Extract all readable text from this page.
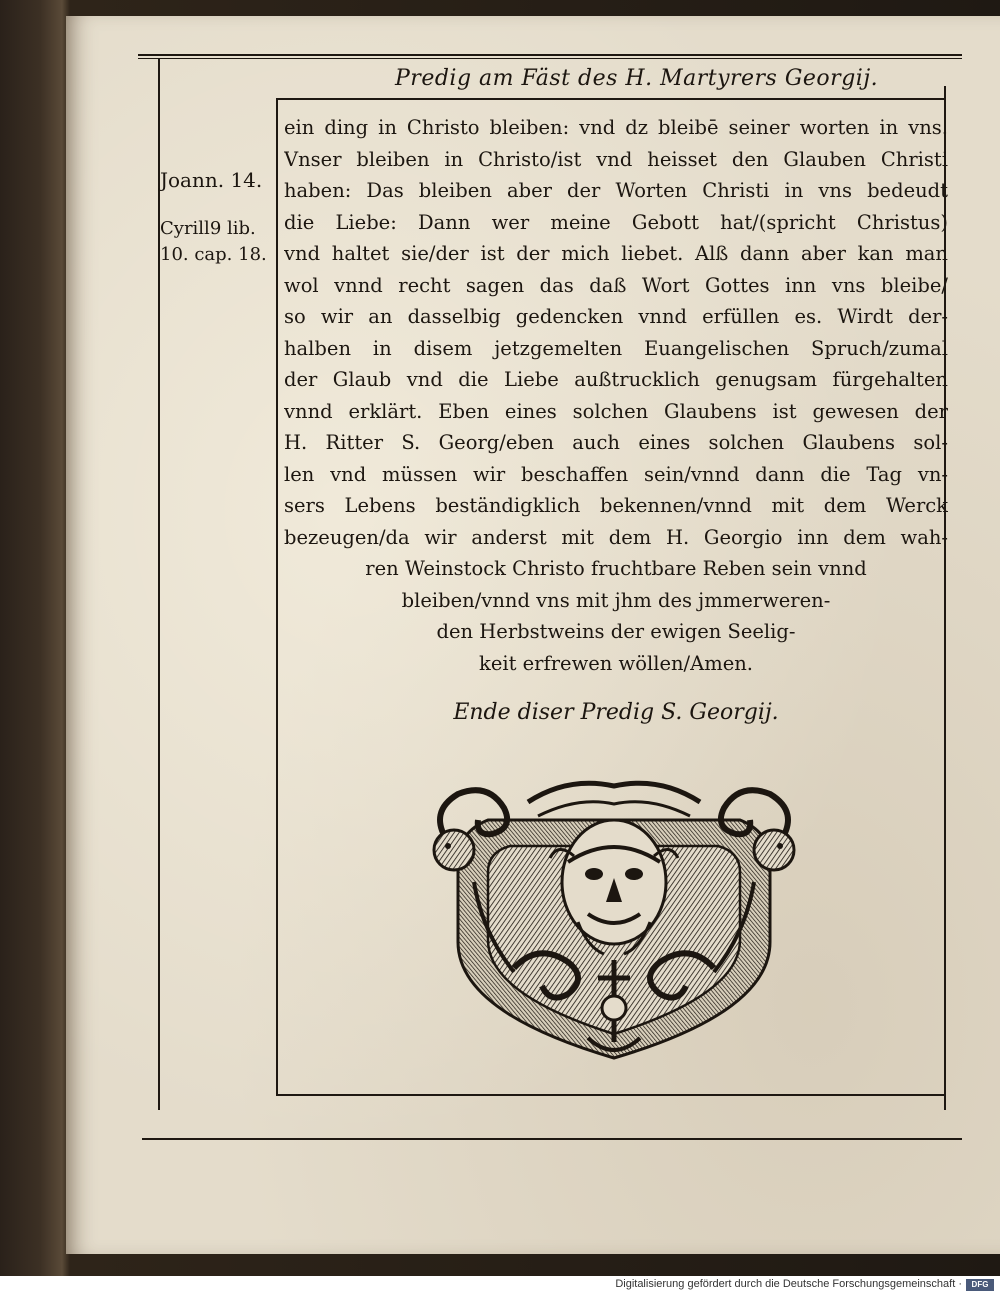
Predig am Fäst des H. Martyrers Georgij.
Joann. 14.
Cyrill9 lib.
10. cap. 18.
ein ding in Christo bleiben: vnd dz bleibē seiner worten in vns.
Vnser bleiben in Christo/ist vnd heisset den Glauben Christi
haben: Das bleiben aber der Worten Christi in vns bedeudt
die Liebe: Dann wer meine Gebott hat/(spricht Christus)
vnd haltet sie/der ist der mich liebet. Alß dann aber kan man
wol vnnd recht sagen das daß Wort Gottes inn vns bleibe/
so wir an dasselbig gedencken vnnd erfüllen es. Wirdt der-
halben in disem jetzgemelten Euangelischen Spruch/zumal
der Glaub vnd die Liebe außtrucklich genugsam fürgehalten
vnnd erklärt. Eben eines solchen Glaubens ist gewesen der
H. Ritter S. Georg/eben auch eines solchen Glaubens sol-
len vnd müssen wir beschaffen sein/vnnd dann die Tag vn-
sers Lebens beständigklich bekennen/vnnd mit dem Werck
bezeugen/da wir anderst mit dem H. Georgio inn dem wah-
ren Weinstock Christo fruchtbare Reben sein vnnd
bleiben/vnnd vns mit jhm des jmmerweren-
den Herbstweins der ewigen Seelig-
keit erfrewen wöllen/Amen.
Ende diser Predig S. Georgij.
Digitalisierung gefördert durch die Deutsche Forschungsgemeinschaft ·	DFG
